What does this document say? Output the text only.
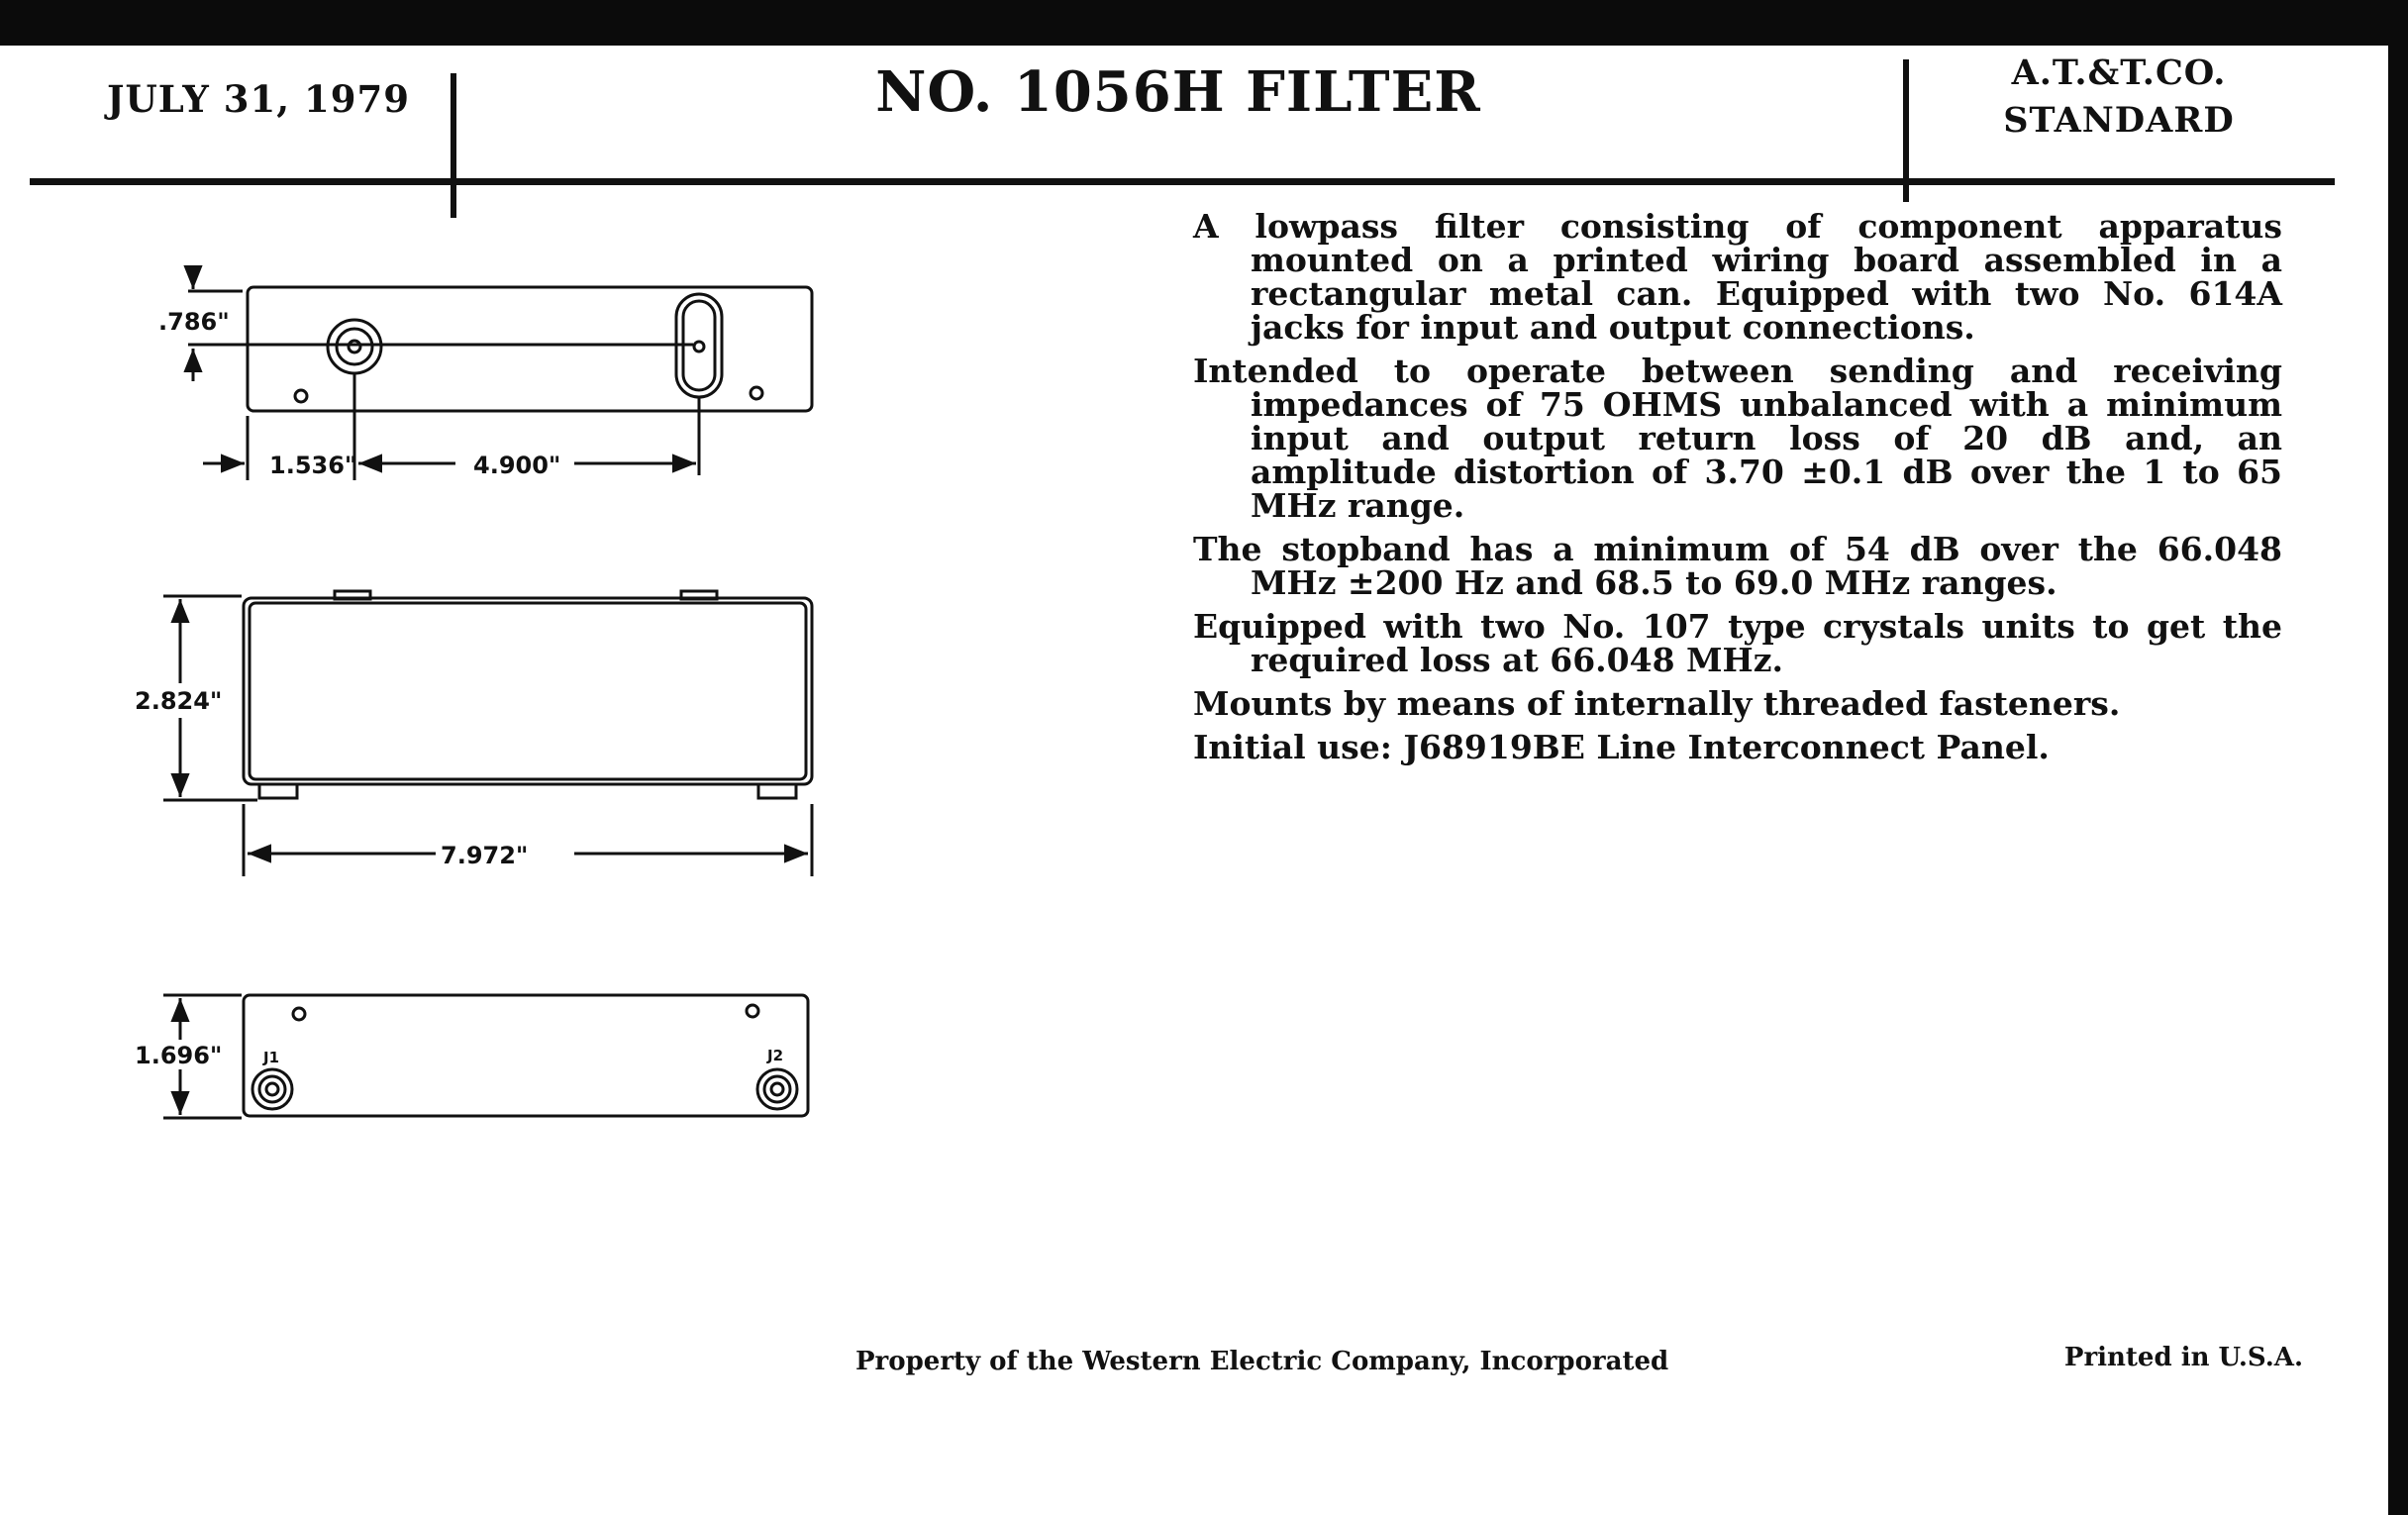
JULY 31, 1979	NO. 1056H FILTER	A.T.&T.CO.
STANDARD
.786"
1.536"	4.900"
2.824"
7.972"
1.696"	J1	J2

A lowpass filter consisting of component apparatus mounted on a printed wiring board assembled in a rectangular metal can. Equipped with two No. 614A jacks for input and output connections.

Intended to operate between sending and receiving impedances of 75 OHMS unbalanced with a minimum input and output return loss of 20 dB and, an amplitude distortion of 3.70 ±0.1 dB over the 1 to 65 MHz range.

The stopband has a minimum of 54 dB over the 66.048 MHz ±200 Hz and 68.5 to 69.0 MHz ranges.

Equipped with two No. 107 type crystals units to get the required loss at 66.048 MHz.

Mounts by means of internally threaded fasteners.

Initial use: J68919BE Line Interconnect Panel.

Property of the Western Electric Company, Incorporated	Printed in U.S.A.
